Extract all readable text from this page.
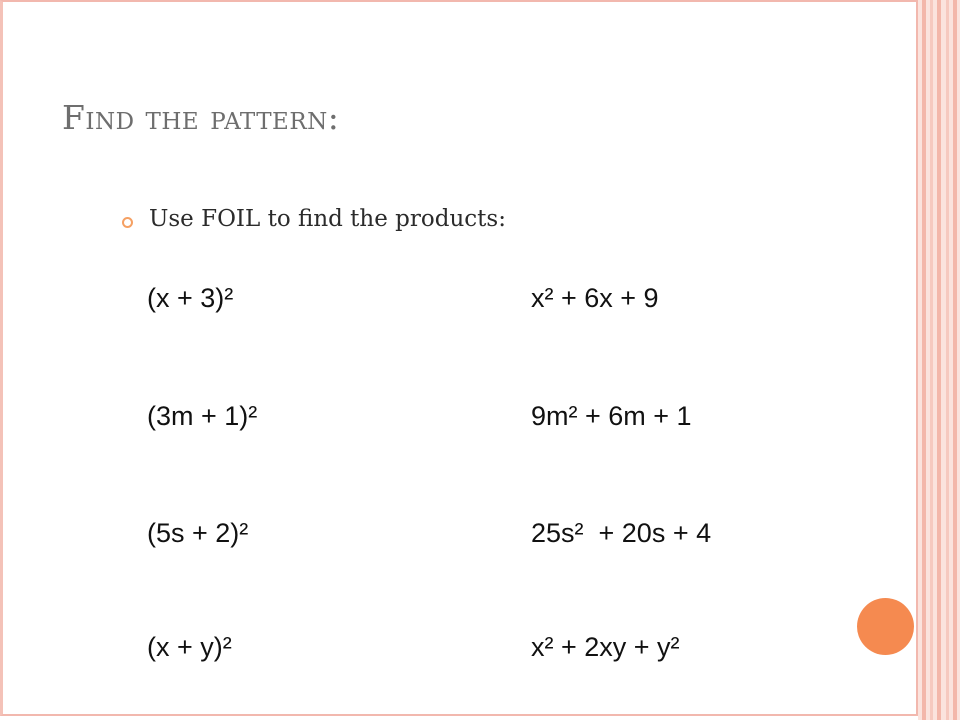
Find the pattern:
Use FOIL to find the products:
(x + 3)²	x² + 6x + 9
(3m + 1)²	9m² + 6m + 1
(5s + 2)²	25s²  + 20s + 4
(x + y)²	x² + 2xy + y²
